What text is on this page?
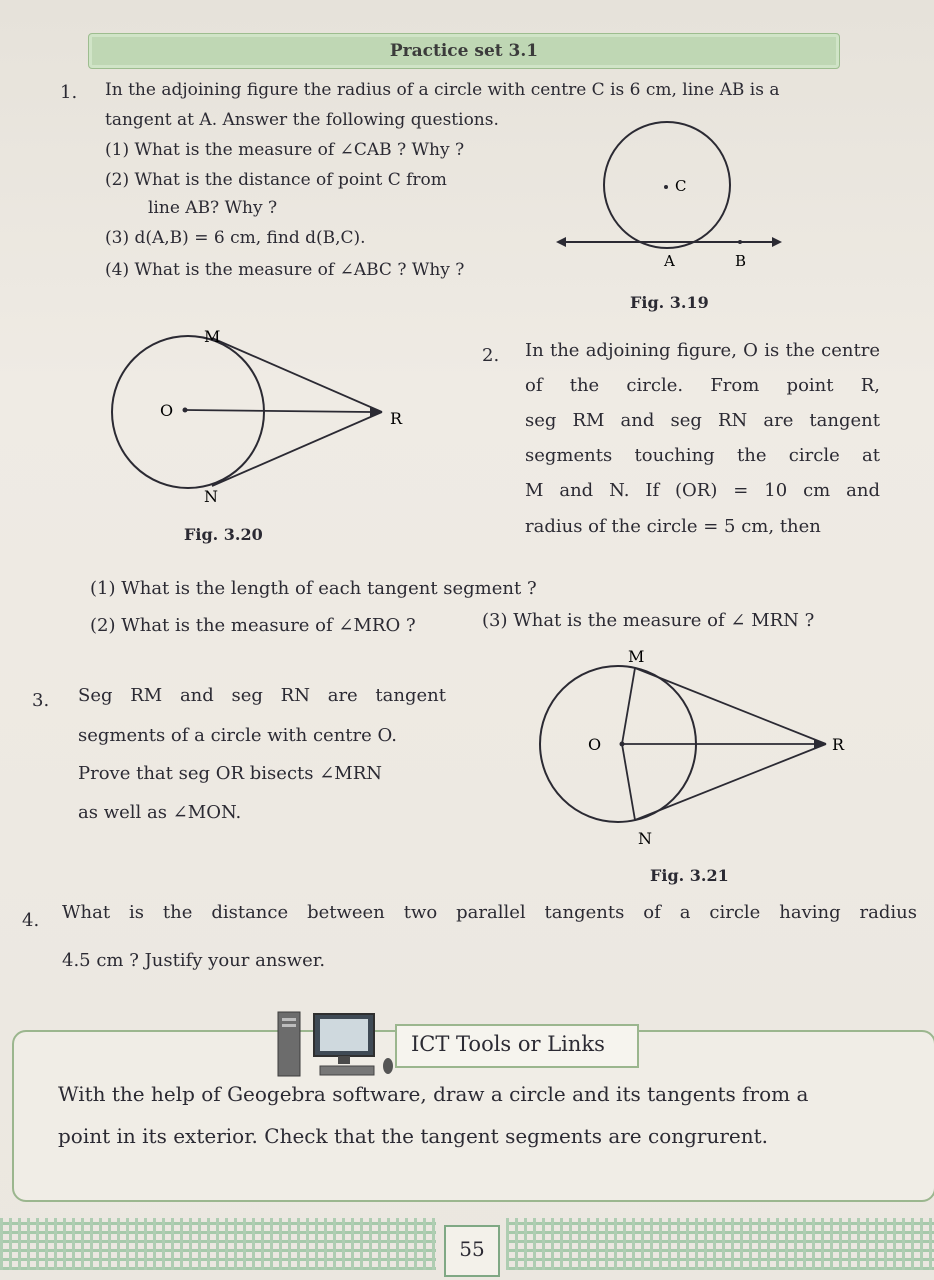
Practice set 3.1
1. In the adjoining figure the radius of a circle with centre C is 6 cm, line AB is a
tangent at A. Answer the following questions.
(1) What is the measure of ∠CAB ? Why ?
(2) What is the distance of point C from
line AB? Why ?
(3) d(A,B) = 6 cm, find d(B,C).
(4) What is the measure of ∠ABC ? Why ?
C
A	B
Fig. 3.19
M
O	R
N
Fig. 3.20
2. In the adjoining figure, O is the centre
of the circle. From point R,
seg RM and seg RN are tangent
segments touching the circle at
M and N. If (OR) = 10 cm and
radius of the circle = 5 cm, then
(1) What is the length of each tangent segment ?
(2) What is the measure of ∠MRO ?	(3) What is the measure of ∠ MRN ?
3. Seg RM and seg RN are tangent
segments of a circle with centre O.
Prove that seg OR bisects ∠MRN
as well as ∠MON.
M
O	R
N
Fig. 3.21
4. What is the distance between two parallel tangents of a circle having radius
4.5 cm ? Justify your answer.
ICT Tools or Links
With the help of Geogebra software, draw a circle and its tangents from a
point in its exterior. Check that the tangent segments are congrurent.
55
